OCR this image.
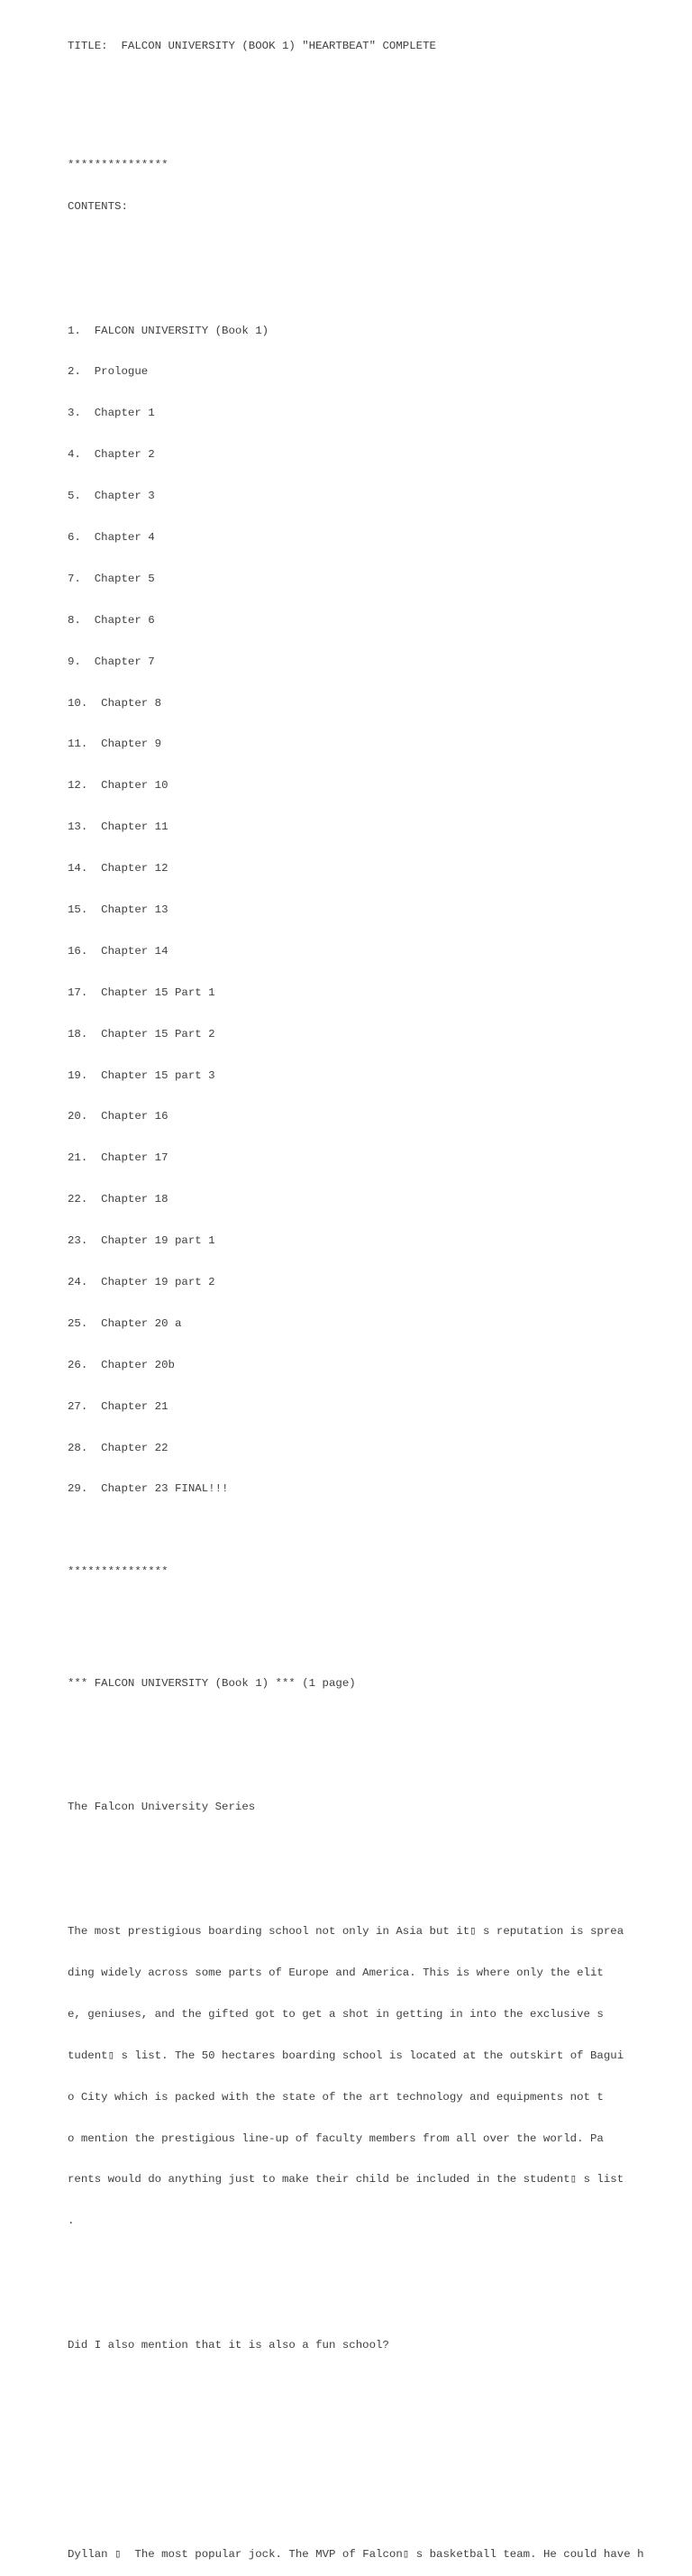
TITLE:  FALCON UNIVERSITY (BOOK 1) "HEARTBEAT" COMPLETE

***************

CONTENTS:

1.  FALCON UNIVERSITY (Book 1)

2.  Prologue

3.  Chapter 1

4.  Chapter 2

5.  Chapter 3

6.  Chapter 4

7.  Chapter 5

8.  Chapter 6

9.  Chapter 7

10.  Chapter 8

11.  Chapter 9

12.  Chapter 10

13.  Chapter 11

14.  Chapter 12

15.  Chapter 13

16.  Chapter 14

17.  Chapter 15 Part 1

18.  Chapter 15 Part 2

19.  Chapter 15 part 3

20.  Chapter 16

21.  Chapter 17

22.  Chapter 18

23.  Chapter 19 part 1

24.  Chapter 19 part 2

25.  Chapter 20 a

26.  Chapter 20b

27.  Chapter 21

28.  Chapter 22

29.  Chapter 23 FINAL!!!

***************

*** FALCON UNIVERSITY (Book 1) *** (1 page)

The Falcon University Series

The most prestigious boarding school not only in Asia but it▯ s reputation is sprea

ding widely across some parts of Europe and America. This is where only the elit

e, geniuses, and the gifted got to get a shot in getting in into the exclusive s

tudent▯ s list. The 50 hectares boarding school is located at the outskirt of Bagui

o City which is packed with the state of the art technology and equipments not t

o mention the prestigious line-up of faculty members from all over the world. Pa

rents would do anything just to make their child be included in the student▯ s list

.

Did I also mention that it is also a fun school?

Dyllan ▯  The most popular jock. The MVP of Falcon▯ s basketball team. He could have h
